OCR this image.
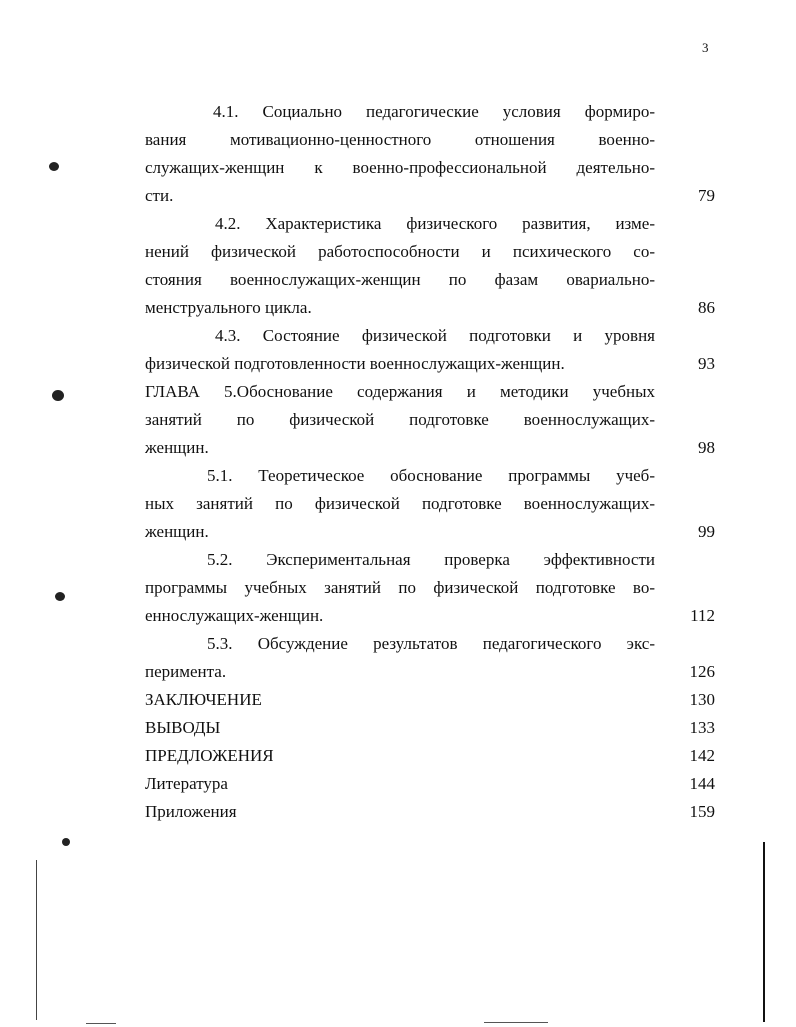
3
4.1. Социально педагогические условия формиро-
вания мотивационно-ценностного отношения военно-
служащих-женщин к военно-профессиональной деятельно-
сти.	79
4.2. Характеристика физического развития, изме-
нений физической работоспособности и психического со-
стояния военнослужащих-женщин по фазам овариально-
менструального цикла.	86
4.3. Состояние физической подготовки и уровня
физической подготовленности военнослужащих-женщин.	93
ГЛАВА 5.Обоснование содержания и методики учебных
занятий по физической подготовке военнослужащих-
женщин.	98
5.1. Теоретическое обоснование программы учеб-
ных занятий по физической подготовке военнослужащих-
женщин.	99
5.2. Экспериментальная проверка эффективности
программы учебных занятий по физической подготовке во-
еннослужащих-женщин.	112
5.3. Обсуждение результатов педагогического экс-
перимента.	126
ЗАКЛЮЧЕНИЕ	130
ВЫВОДЫ	133
ПРЕДЛОЖЕНИЯ	142
Литература	144
Приложения	159
